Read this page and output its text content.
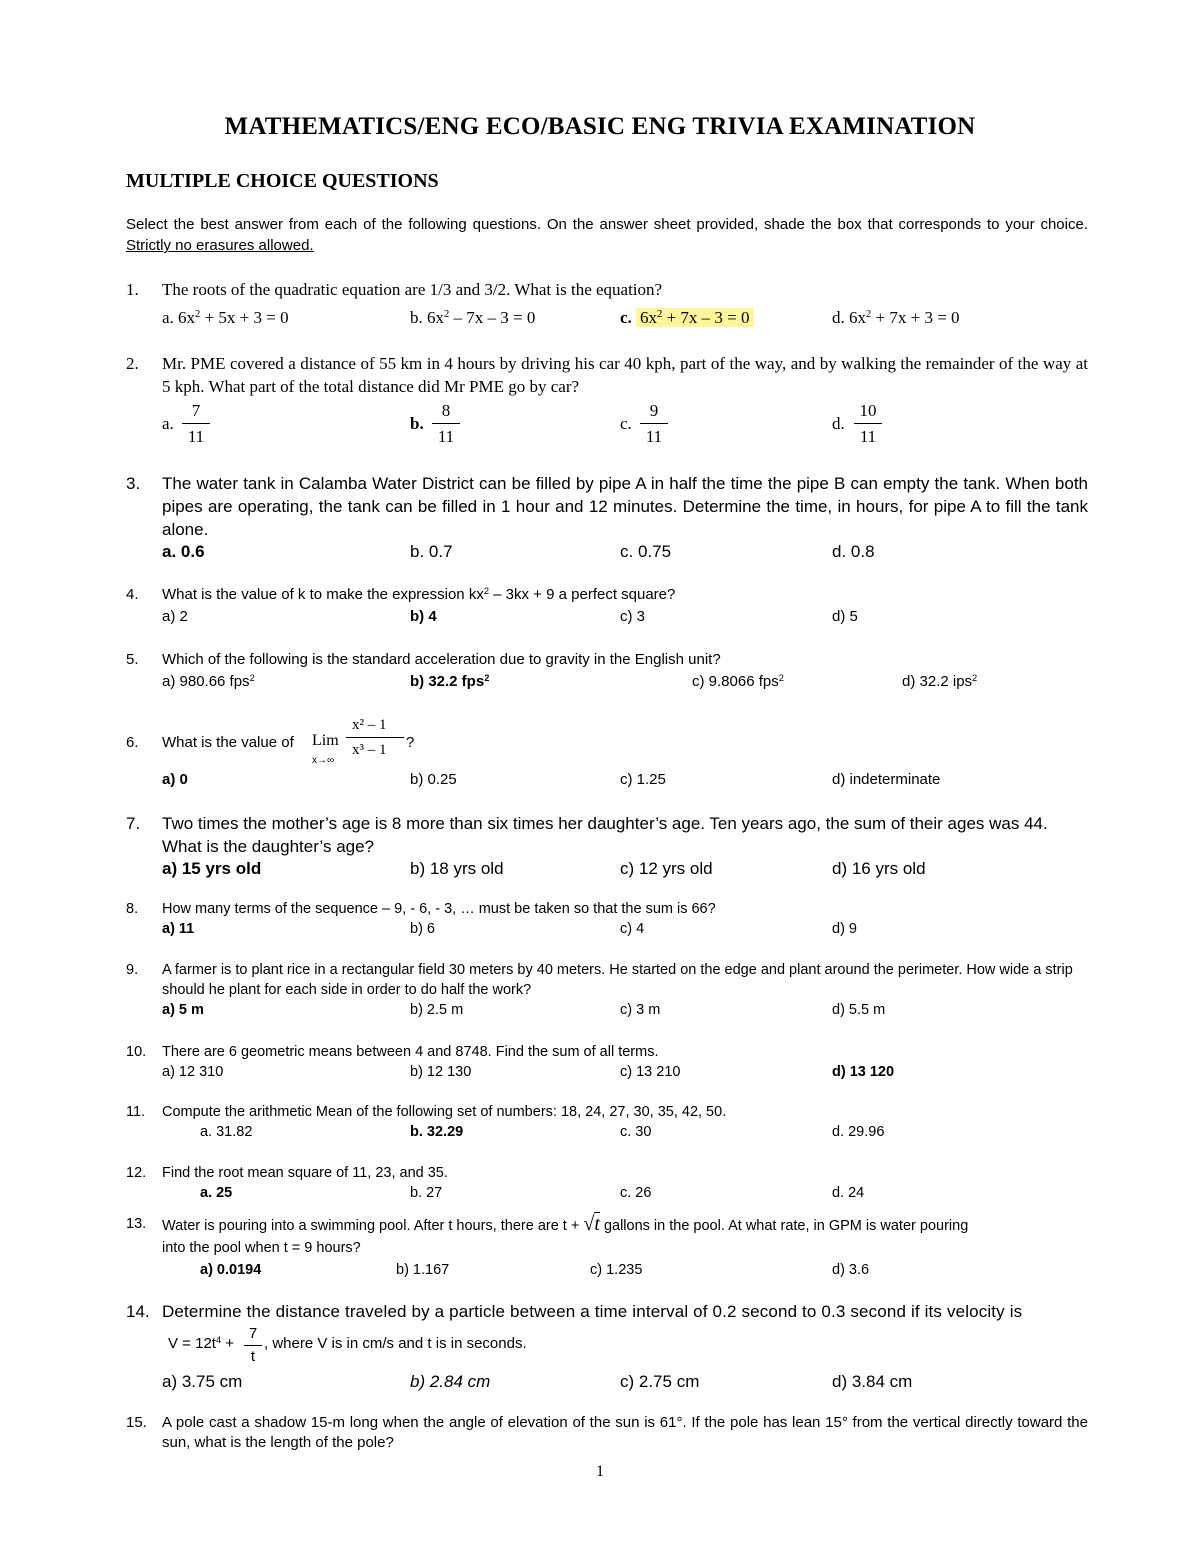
MATHEMATICS/ENG ECO/BASIC ENG TRIVIA EXAMINATION
MULTIPLE CHOICE QUESTIONS
Select the best answer from each of the following questions. On the answer sheet provided, shade the box that corresponds to your choice. Strictly no erasures allowed.
1. The roots of the quadratic equation are 1/3 and 3/2. What is the equation?
a. $6x^2 + 5x + 3 = 0$	b. $6x^2 - 7x - 3 = 0$	c. $6x^2 + 7x - 3 = 0$	d. $6x^2 + 7x + 3 = 0$
2. Mr. PME covered a distance of 55 km in 4 hours by driving his car 40 kph, part of the way, and by walking the remainder of the way at 5 kph. What part of the total distance did Mr PME go by car?
a. $\frac{7}{11}$	b. $\frac{8}{11}$	c. $\frac{9}{11}$	d. $\frac{10}{11}$
3. The water tank in Calamba Water District can be filled by pipe A in half the time the pipe B can empty the tank. When both pipes are operating, the tank can be filled in 1 hour and 12 minutes. Determine the time, in hours, for pipe A to fill the tank alone.
a. 0.6	b. 0.7	c. 0.75	d. 0.8
4. What is the value of k to make the expression $kx^2 - 3kx + 9$ a perfect square?
a) 2	b) 4	c) 3	d) 5
5. Which of the following is the standard acceleration due to gravity in the English unit?
a) 980.66 fps$^2$	b) 32.2 fps$^2$	c) 9.8066 fps$^2$	d) 32.2 ips$^2$
6. What is the value of Lim
x→∞
x² – 1
x³ – 1 ?
a) 0	b) 0.25	c) 1.25	d) indeterminate
7. Two times the mother’s age is 8 more than six times her daughter’s age. Ten years ago, the sum of their ages was 44. What is the daughter’s age?
a) 15 yrs old	b) 18 yrs old	c) 12 yrs old	d) 16 yrs old
8. How many terms of the sequence – 9, - 6, - 3, … must be taken so that the sum is 66?
a) 11	b) 6	c) 4	d) 9
9. A farmer is to plant rice in a rectangular field 30 meters by 40 meters. He started on the edge and plant around the perimeter. How wide a strip should he plant for each side in order to do half the work?
a) 5 m	b) 2.5 m	c) 3 m	d) 5.5 m
10. There are 6 geometric means between 4 and 8748. Find the sum of all terms.
a) 12 310	b) 12 130	c) 13 210	d) 13 120
11. Compute the arithmetic Mean of the following set of numbers: 18, 24, 27, 30, 35, 42, 50.
a. 31.82	b. 32.29	c. 30	d. 29.96
12. Find the root mean square of 11, 23, and 35.
a. 25	b. 27	c. 26	d. 24
13. Water is pouring into a swimming pool. After t hours, there are t + √t gallons in the pool. At what rate, in GPM is water pouring
into the pool when t = 9 hours?
a) 0.0194	b) 1.167	c) 1.235	d) 3.6
14. Determine the distance traveled by a particle between a time interval of 0.2 second to 0.3 second if its velocity is
$V = 12t^4 + \frac{7}{t}$ , where V is in cm/s and t is in seconds.
a) 3.75 cm	b) 2.84 cm	c) 2.75 cm	d) 3.84 cm
15. A pole cast a shadow 15-m long when the angle of elevation of the sun is 61°. If the pole has lean 15° from the vertical directly toward the sun, what is the length of the pole?
1
